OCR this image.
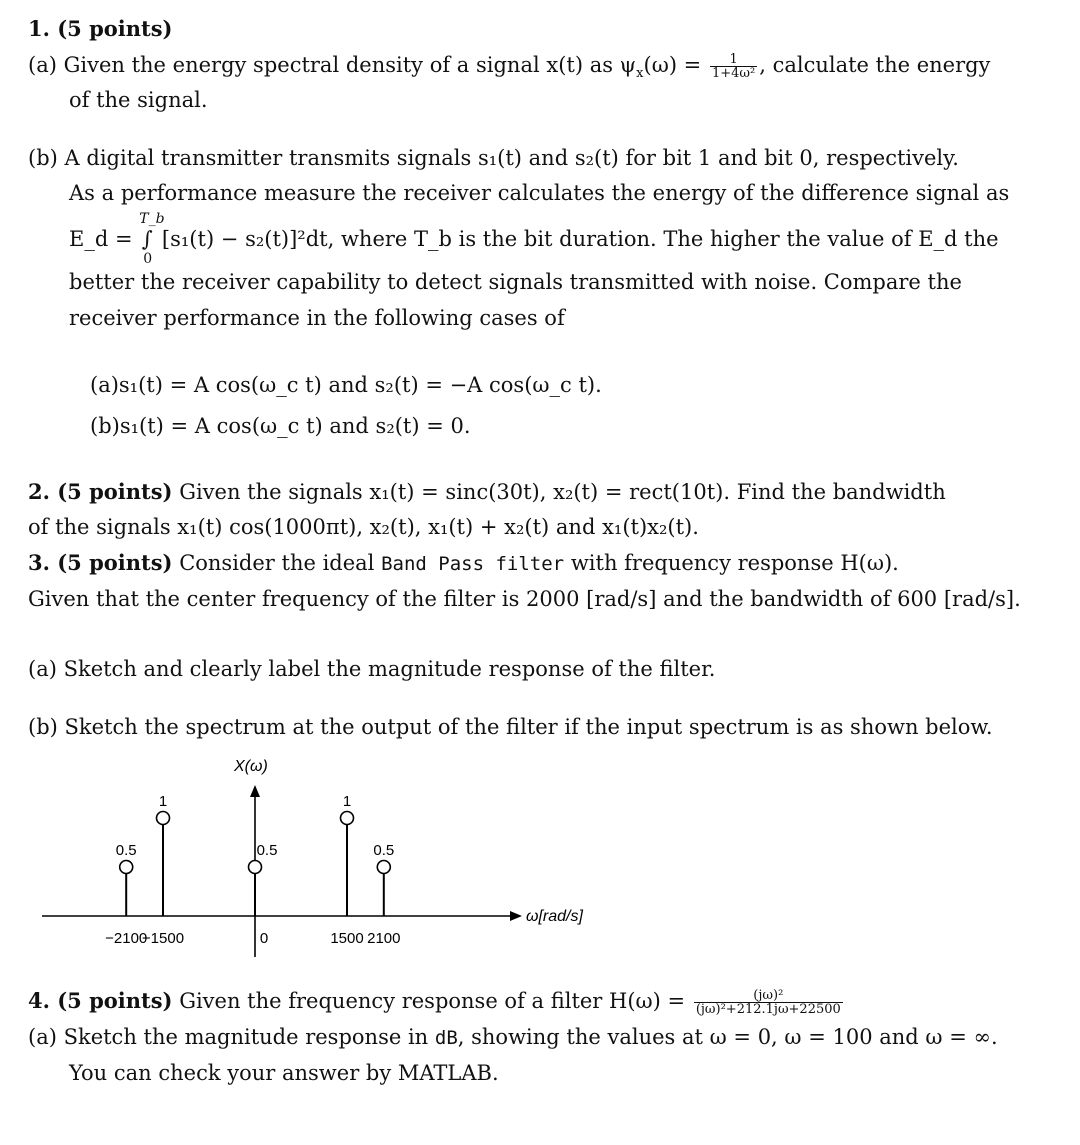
1. (5 points)
(a) Given the energy spectral density of a signal x(t) as $\psi_x(\omega) = \frac{1}{\text{1+4ω²}}$ , calculate the energy
of the signal.
(b) A digital transmitter transmits signals s₁(t) and s₂(t) for bit 1 and bit 0, respectively.
As a performance measure the receiver calculates the energy of the difference signal as
E_d = ∫
T_b
0
[s₁(t) − s₂(t)]²dt, where T_b is the bit duration. The higher the value of E_d the
better the receiver capability to detect signals transmitted with noise. Compare the
receiver performance in the following cases of
(a)s₁(t) = A cos(ω_c t) and s₂(t) = −A cos(ω_c t).
(b)s₁(t) = A cos(ω_c t) and s₂(t) = 0.
2. (5 points) Given the signals x₁(t) = sinc(30t), x₂(t) = rect(10t). Find the bandwidth
of the signals x₁(t) cos(1000πt), x₂(t), x₁(t) + x₂(t) and x₁(t)x₂(t).
3. (5 points) Consider the ideal Band Pass filter with frequency response H(ω).
Given that the center frequency of the filter is 2000 [rad/s] and the bandwidth of 600 [rad/s].
(a) Sketch and clearly label the magnitude response of the filter.
(b) Sketch the spectrum at the output of the filter if the input spectrum is as shown below.
X(ω)
ω[rad/s]
0.5
−2100
1
−1500
0.5
0
1
1500
0.5
2100
4. (5 points) Given the frequency response of a filter $H(\omega) = \frac{\text{(jω)²}}{\text{(jω)²+212.1jω+22500}}$
(a) Sketch the magnitude response in dB, showing the values at ω = 0, ω = 100 and ω = ∞.
You can check your answer by MATLAB.
